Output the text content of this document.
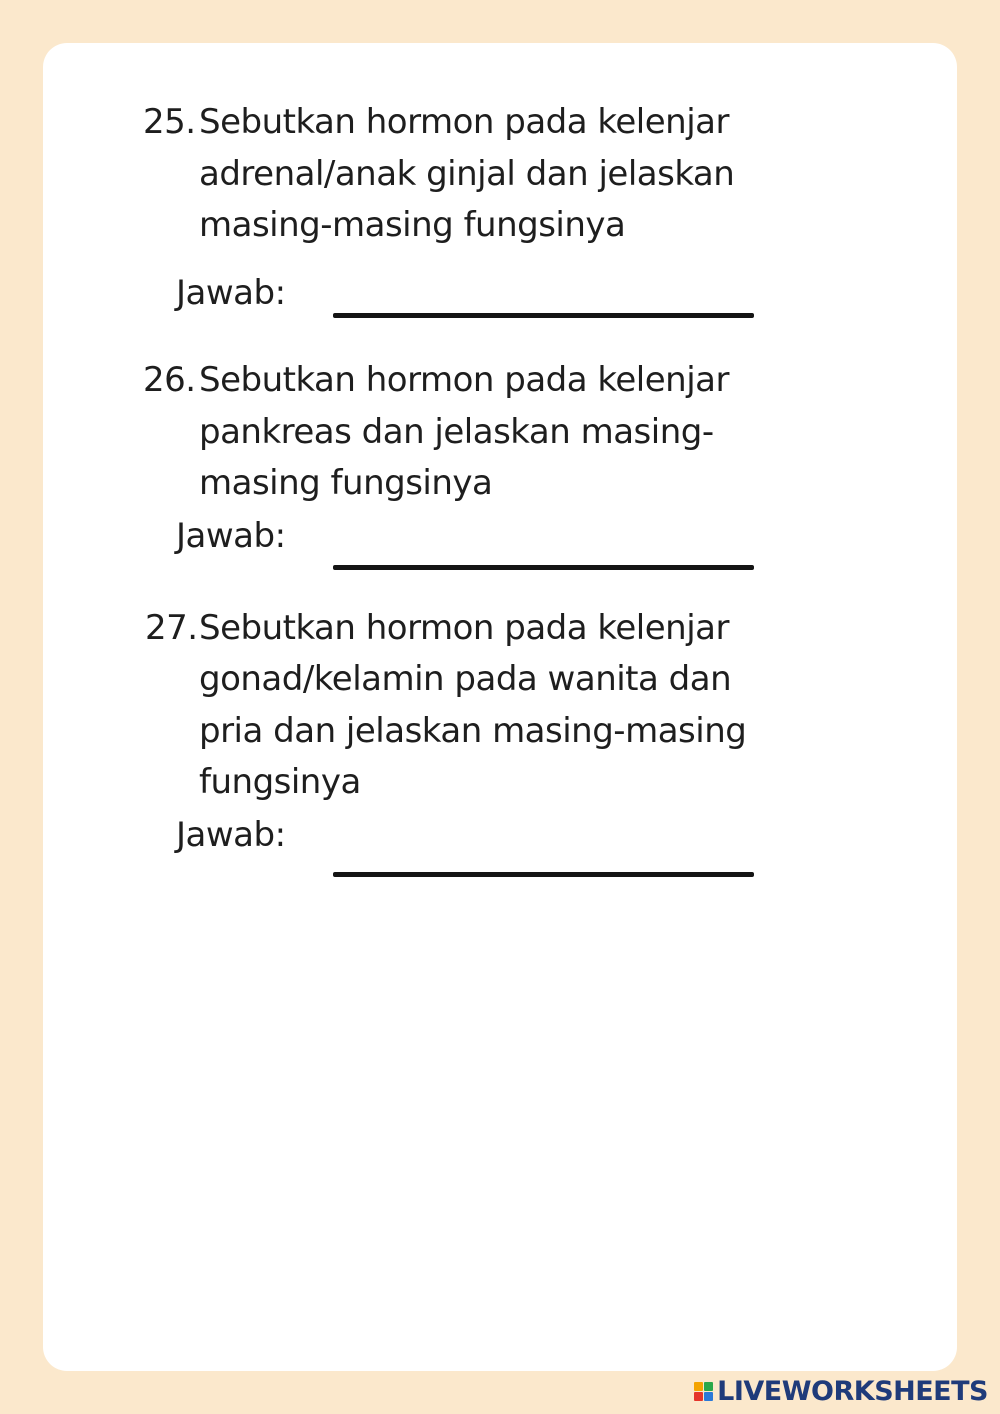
25. Sebutkan hormon pada kelenjar
adrenal/anak ginjal dan jelaskan
masing-masing fungsinya
Jawab:
26. Sebutkan hormon pada kelenjar
pankreas dan jelaskan masing-
masing fungsinya
Jawab:
27. Sebutkan hormon pada kelenjar
gonad/kelamin pada wanita dan
pria dan jelaskan masing-masing
fungsinya
Jawab:
LIVEWORKSHEETS
